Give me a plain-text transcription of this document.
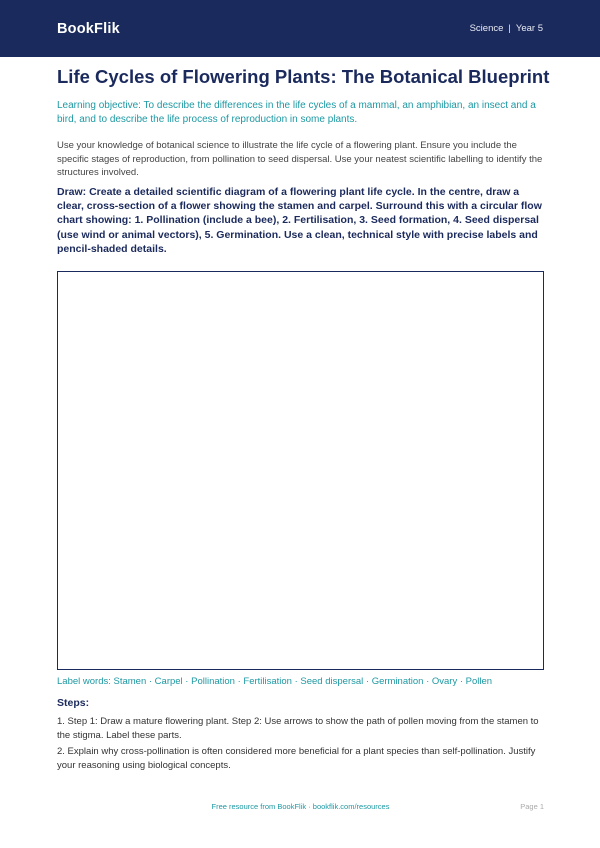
BookFlik	Science | Year 5
Life Cycles of Flowering Plants: The Botanical Blueprint

Learning objective: To describe the differences in the life cycles of a mammal, an amphibian, an insect and a bird, and to describe the life process of reproduction in some plants.

Use your knowledge of botanical science to illustrate the life cycle of a flowering plant. Ensure you include the specific stages of reproduction, from pollination to seed dispersal. Use your neatest scientific labelling to identify the structures involved.

Draw: Create a detailed scientific diagram of a flowering plant life cycle. In the centre, draw a clear, cross-section of a flower showing the stamen and carpel. Surround this with a circular flow chart showing: 1. Pollination (include a bee), 2. Fertilisation, 3. Seed formation, 4. Seed dispersal (use wind or animal vectors), 5. Germination. Use a clean, technical style with precise labels and pencil-shaded details.

Label words: Stamen · Carpel · Pollination · Fertilisation · Seed dispersal · Germination · Ovary · Pollen

Steps:

1. Step 1: Draw a mature flowering plant. Step 2: Use arrows to show the path of pollen moving from the stamen to the stigma. Label these parts.

2. Explain why cross-pollination is often considered more beneficial for a plant species than self-pollination. Justify your reasoning using biological concepts.

Free resource from BookFlik · bookflik.com/resources	Page 1
